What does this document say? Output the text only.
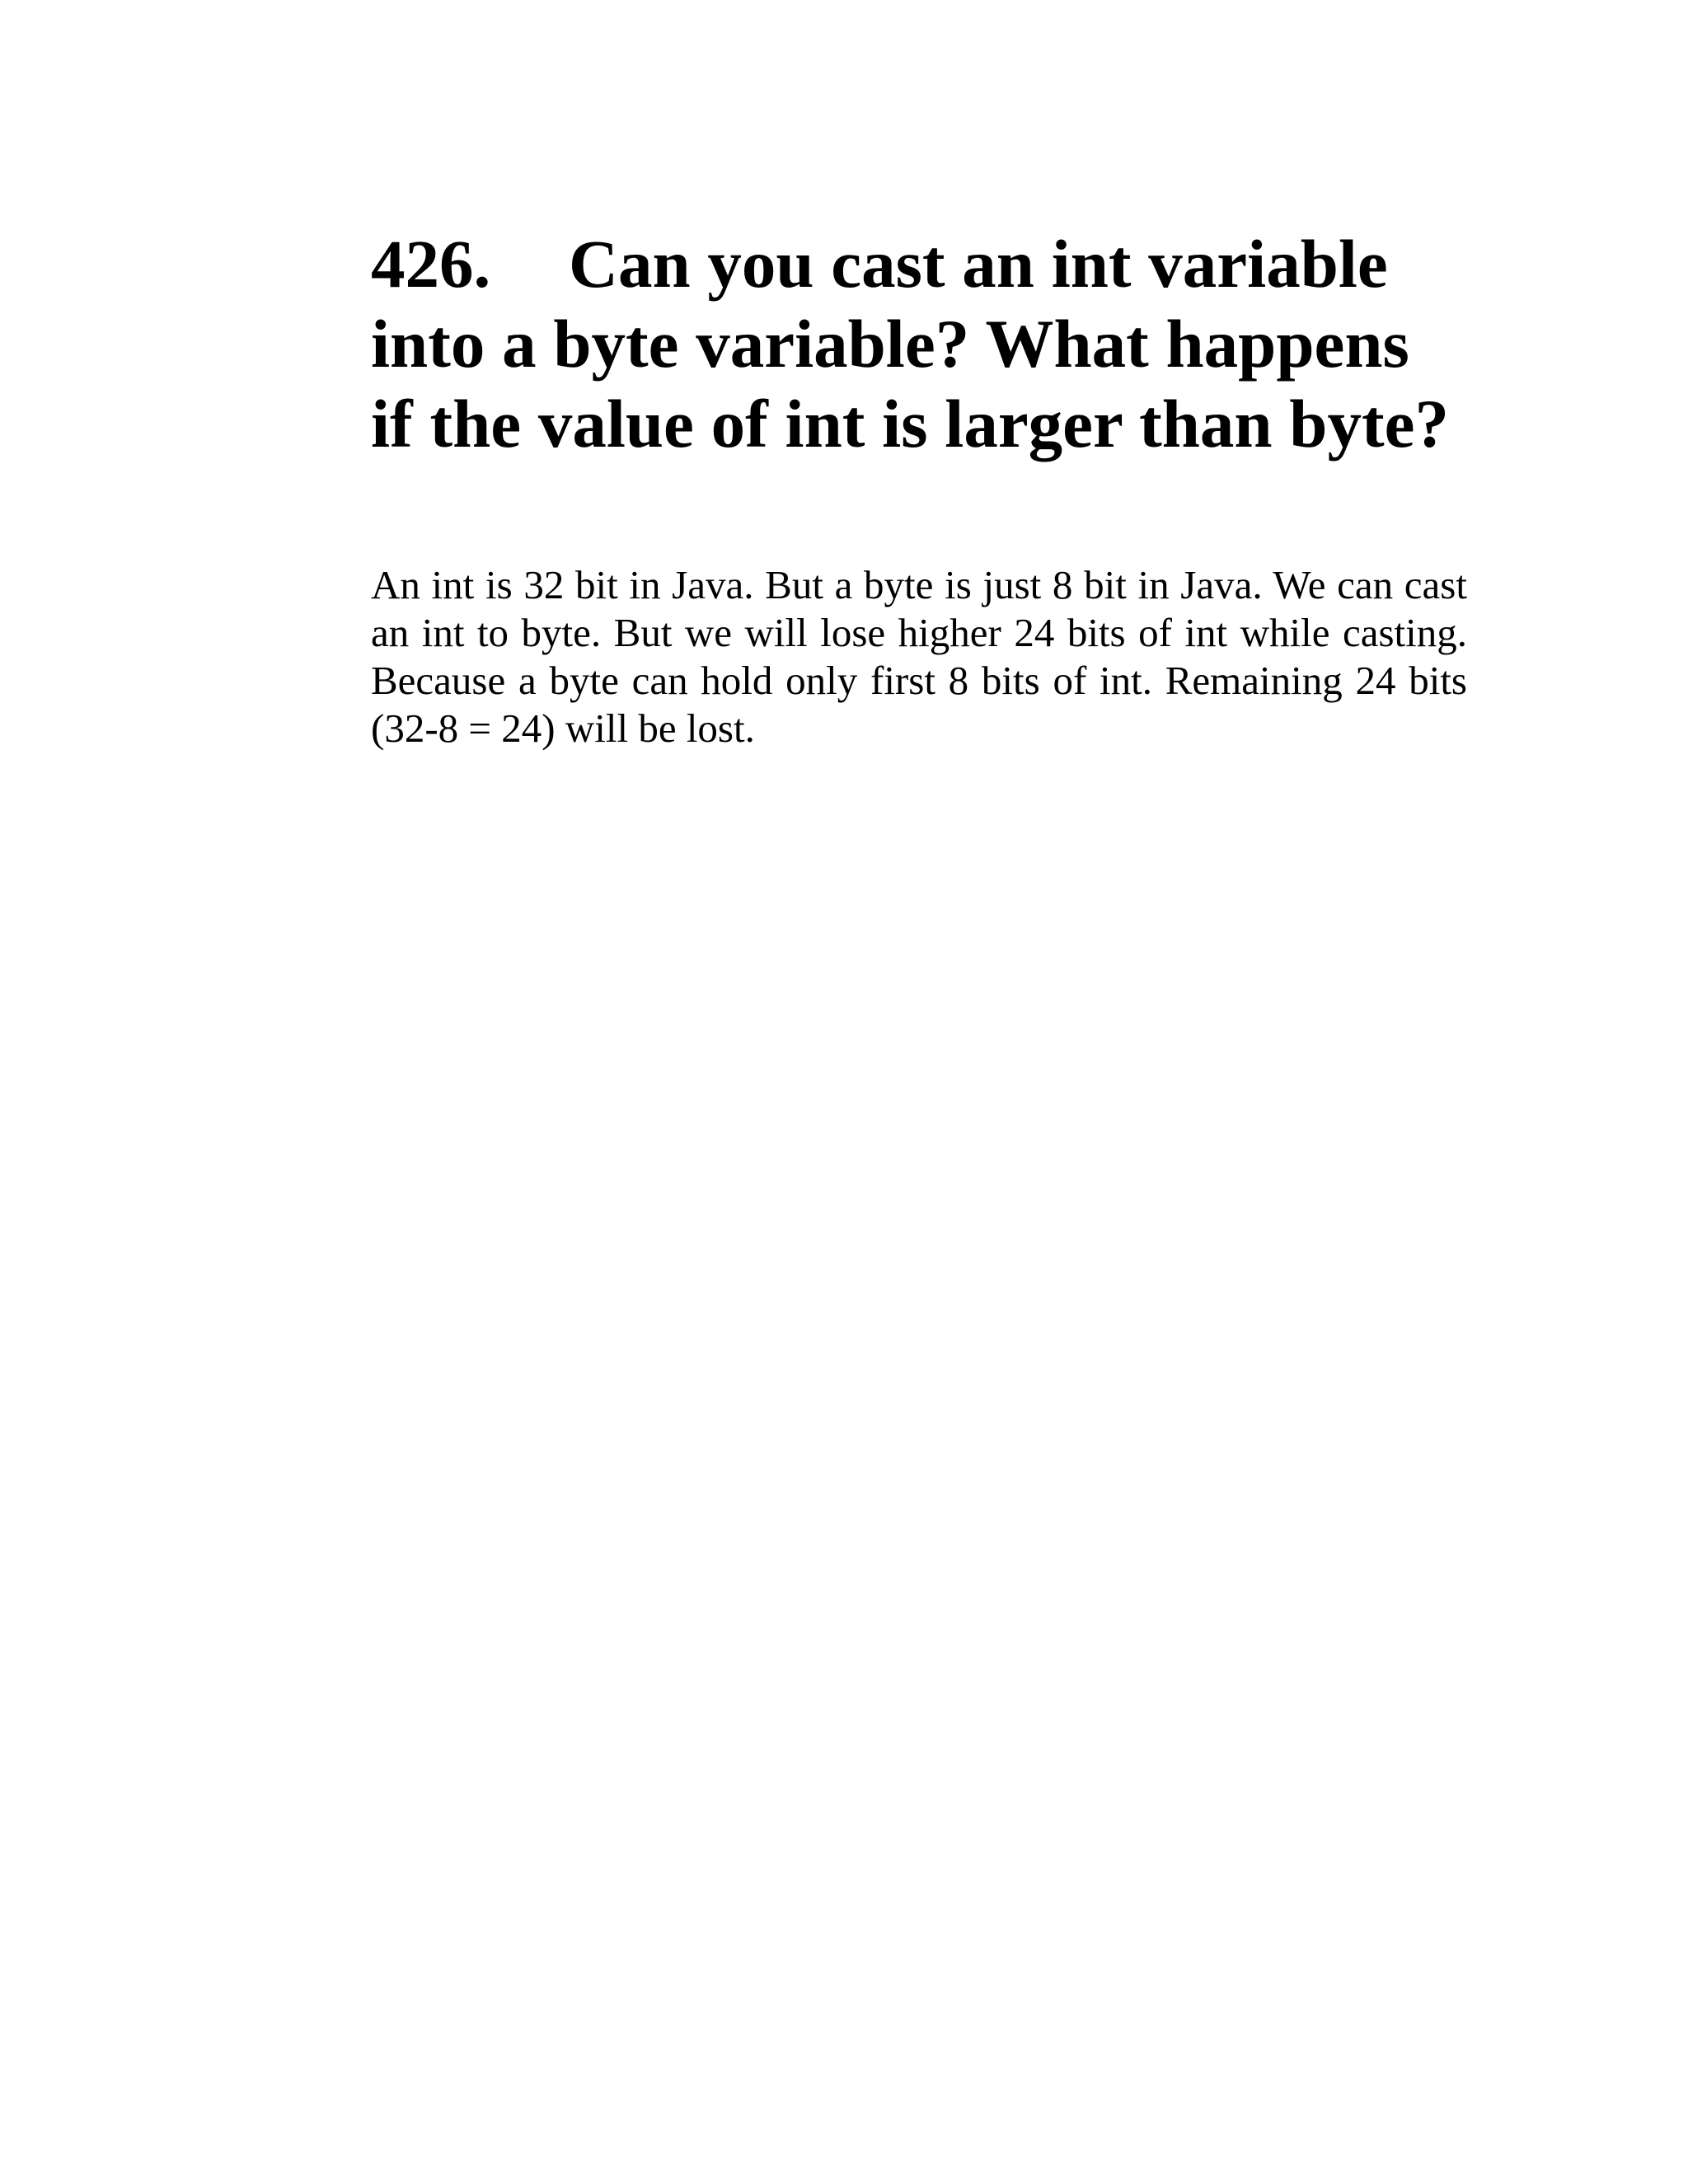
426. Can you cast an int variable into a byte variable? What happens if the value of int is larger than byte?

An int is 32 bit in Java. But a byte is just 8 bit in Java. We can cast an int to byte. But we will lose higher 24 bits of int while casting. Because a byte can hold only first 8 bits of int. Remaining 24 bits (32-8 = 24) will be lost.
